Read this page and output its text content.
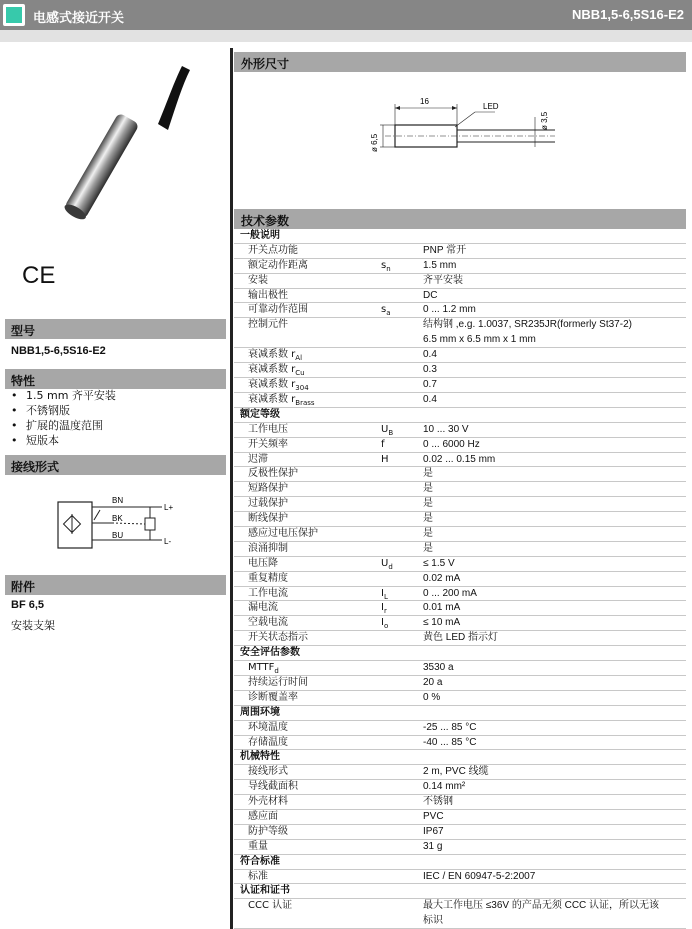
电感式接近开关	NBB1,5-6,5S16-E2
CE
型号
NBB1,5-6,5S16-E2
特性
• 1.5 mm 齐平安装
• 不锈钢版
• 扩展的温度范围
• 短版本
接线形式
BN
BK
BU
L+
L-
附件
BF 6,5
安装支架
外形尺寸
16
LED
ø 6,5
ø 3,5
技术参数
一般说明
开关点功能	PNP 常开
额定动作距离	$s_n$	1.5 mm
安装	齐平安装
输出极性	DC
可靠动作范围	$s_a$	0 ... 1.2 mm
控制元件	结构钢 ,e.g. 1.0037, SR235JR(formerly St37-2)
6.5 mm x 6.5 mm x 1 mm
衰减系数 $r_{Al}$	0.4
衰减系数 $r_{Cu}$	0.3
衰减系数 $r_{304}$	0.7
衰减系数 $r_{Brass}$	0.4
额定等级
工作电压	$U_B$	10 ... 30 V
开关频率	f	0 ... 6000 Hz
迟滞	H	0.02 ... 0.15 mm
反极性保护	是
短路保护	是
过载保护	是
断线保护	是
感应过电压保护	是
浪涌抑制	是
电压降	$U_d$	≤ 1.5 V
重复精度	0.02 mA
工作电流	$I_L$	0 ... 200 mA
漏电流	$I_r$	0.01 mA
空载电流	$I_o$	≤ 10 mA
开关状态指示	黄色 LED 指示灯
安全评估参数
$MTTF_d$	3530 a
持续运行时间	20 a
诊断覆盖率	0 %
周围环境
环境温度	-25 ... 85 °C
存储温度	-40 ... 85 °C
机械特性
接线形式	2 m, PVC 线缆
导线截面积	0.14 mm²
外壳材料	不锈钢
感应面	PVC
防护等级	IP67
重量	31 g
符合标准
标准	IEC / EN 60947-5-2:2007
认证和证书
CCC 认证	最大工作电压 ≤36V 的产品无须 CCC 认证，所以无该
标识
